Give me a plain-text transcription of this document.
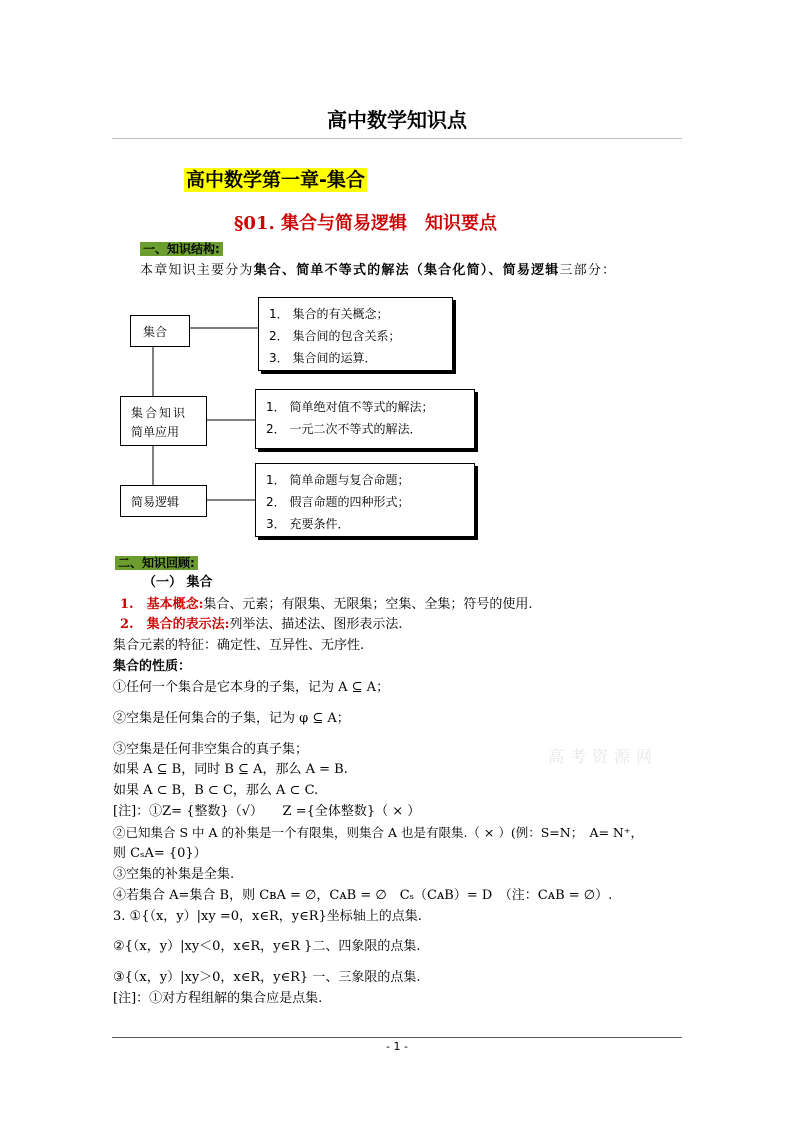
高中数学知识点
高中数学第一章-集合
§01. 集合与简易逻辑　知识要点
一、知识结构:
本章知识主要分为集合、简单不等式的解法（集合化简）、简易逻辑三部分：
集合
集合知识
简单应用
简易逻辑
1． 集合的有关概念；
2． 集合间的包含关系；
3． 集合间的运算．
1． 简单绝对值不等式的解法；
2． 一元二次不等式的解法．
1． 简单命题与复合命题；
2． 假言命题的四种形式；
3． 充要条件．
二、知识回顾:
（一） 集合
1.　基本概念:集合、元素；有限集、无限集；空集、全集；符号的使用.
2.　集合的表示法:列举法、描述法、图形表示法.
集合元素的特征：确定性、互异性、无序性.
集合的性质：
①任何一个集合是它本身的子集，记为 A ⊆ A；
②空集是任何集合的子集，记为 φ ⊆ A；
③空集是任何非空集合的真子集；
如果 A ⊆ B，同时 B ⊆ A，那么 A = B.
如果 A ⊂ B，B ⊂ C，那么 A ⊂ C.
[注]：①Z= {整数}（√）　　Z ={全体整数}（ × ）
②已知集合 S 中 A 的补集是一个有限集，则集合 A 也是有限集.（ × ）(例：S=N；　A= N⁺，
则 CₛA= {0}）
③空集的补集是全集.
④若集合 A=集合 B，则 CʙA = ∅，CᴀB = ∅　Cₛ（CᴀB）= D　（注：CᴀB = ∅）.
3. ①{（x，y）|xy =0，x∈R，y∈R}坐标轴上的点集.
②{（x，y）|xy＜0，x∈R，y∈R }二、四象限的点集.
③{（x，y）|xy＞0，x∈R，y∈R} 一、三象限的点集.
[注]：①对方程组解的集合应是点集.
高考资源网
- 1 -
